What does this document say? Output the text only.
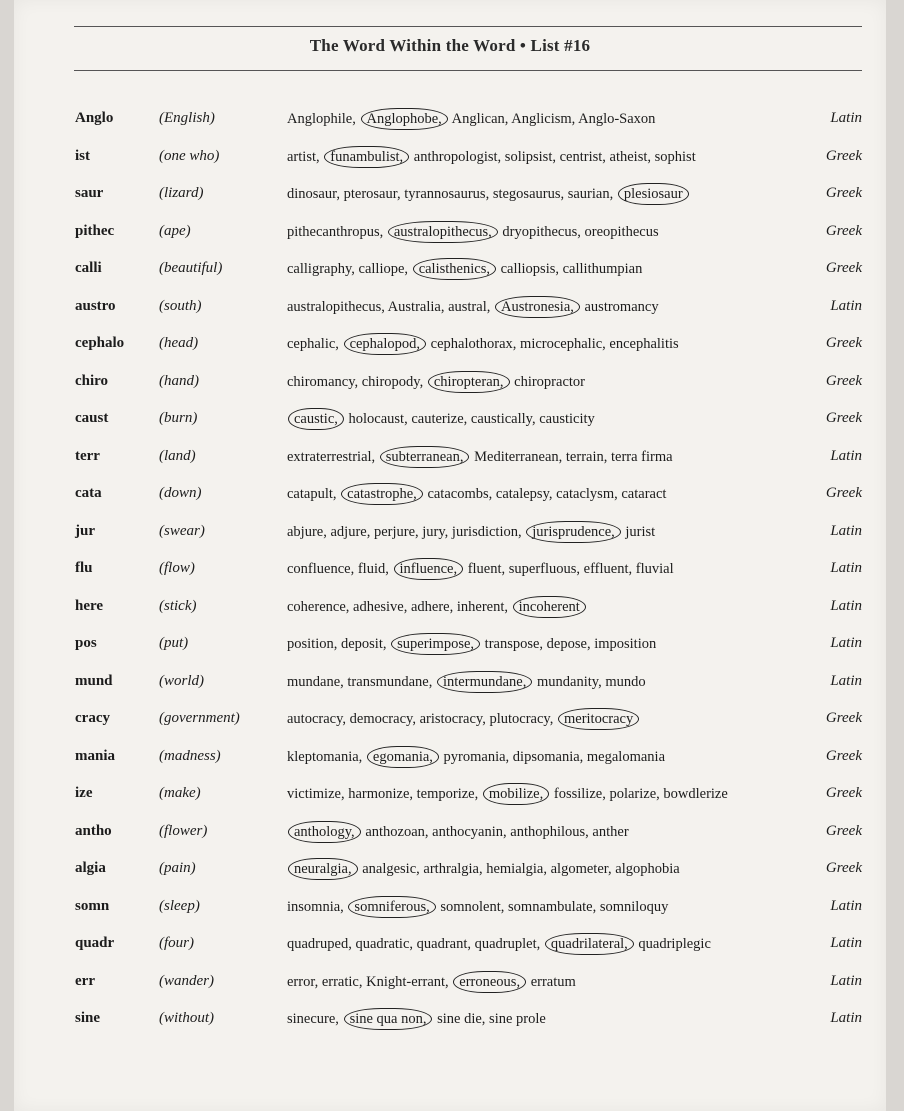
The Word Within the Word • List #16
Anglo	(English)	Anglophile, Anglophobe, Anglican, Anglicism, Anglo-Saxon	Latin
ist	(one who)	artist, funambulist, anthropologist, solipsist, centrist, atheist, sophist	Greek
saur	(lizard)	dinosaur, pterosaur, tyrannosaurus, stegosaurus, saurian, plesiosaur	Greek
pithec	(ape)	pithecanthropus, australopithecus, dryopithecus, oreopithecus	Greek
calli	(beautiful)	calligraphy, calliope, calisthenics, calliopsis, callithumpian	Greek
austro	(south)	australopithecus, Australia, austral, Austronesia, austromancy	Latin
cephalo (head)	cephalic, cephalopod, cephalothorax, microcephalic, encephalitis	Greek
chiro	(hand)	chiromancy, chiropody, chiropteran, chiropractor	Greek
caust	(burn)	caustic, holocaust, cauterize, caustically, causticity	Greek
terr	(land)	extraterrestrial, subterranean, Mediterranean, terrain, terra firma	Latin
cata	(down)	catapult, catastrophe, catacombs, catalepsy, cataclysm, cataract	Greek
jur	(swear)	abjure, adjure, perjure, jury, jurisdiction, jurisprudence, jurist	Latin
flu	(flow)	confluence, fluid, influence, fluent, superfluous, effluent, fluvial	Latin
here	(stick)	coherence, adhesive, adhere, inherent, incoherent	Latin
pos	(put)	position, deposit, superimpose, transpose, depose, imposition	Latin
mund	(world)	mundane, transmundane, intermundane, mundanity, mundo	Latin
cracy	(government)	autocracy, democracy, aristocracy, plutocracy, meritocracy	Greek
mania	(madness)	kleptomania, egomania, pyromania, dipsomania, megalomania	Greek
ize	(make)	victimize, harmonize, temporize, mobilize, fossilize, polarize, bowdlerize	Greek
antho	(flower)	anthology, anthozoan, anthocyanin, anthophilous, anther	Greek
algia	(pain)	neuralgia, analgesic, arthralgia, hemialgia, algometer, algophobia	Greek
somn	(sleep)	insomnia, somniferous, somnolent, somnambulate, somniloquy	Latin
quadr	(four)	quadruped, quadratic, quadrant, quadruplet, quadrilateral, quadriplegic	Latin
err	(wander)	error, erratic, Knight-errant, erroneous, erratum	Latin
sine	(without)	sinecure, sine qua non, sine die, sine prole	Latin
